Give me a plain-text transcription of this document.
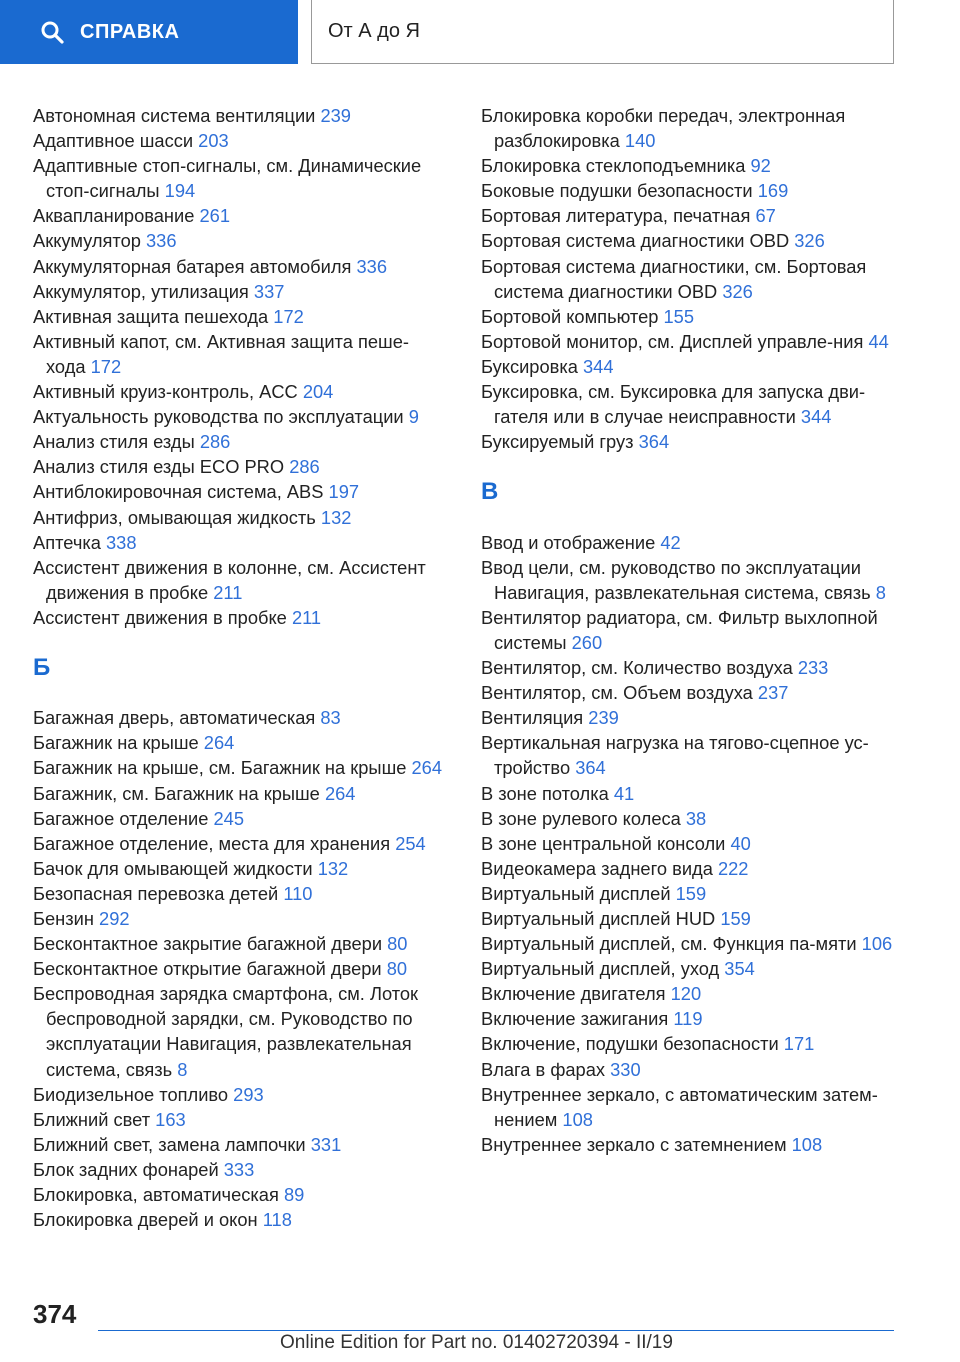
СПРАВКА	От А до Я
Автономная система вентиляции 239
Адаптивное шасси 203
Адаптивные стоп-сигналы, см. Динамические стоп-сигналы 194
Аквапланирование 261
Аккумулятор 336
Аккумуляторная батарея автомобиля 336
Аккумулятор, утилизация 337
Активная защита пешехода 172
Активный капот, см. Активная защита пеше-хода 172
Активный круиз-контроль, ACC 204
Актуальность руководства по эксплуатации 9
Анализ стиля езды 286
Анализ стиля езды ECO PRO 286
Антиблокировочная система, ABS 197
Антифриз, омывающая жидкость 132
Аптечка 338
Ассистент движения в колонне, см. Ассистент движения в пробке 211
Ассистент движения в пробке 211
Б
Багажная дверь, автоматическая 83
Багажник на крыше 264
Багажник на крыше, см. Багажник на крыше 264
Багажник, см. Багажник на крыше 264
Багажное отделение 245
Багажное отделение, места для хранения 254
Бачок для омывающей жидкости 132
Безопасная перевозка детей 110
Бензин 292
Бесконтактное закрытие багажной двери 80
Бесконтактное открытие багажной двери 80
Беспроводная зарядка смартфона, см. Лоток беспроводной зарядки, см. Руководство по эксплуатации Навигация, развлекательная система, связь 8
Биодизельное топливо 293
Ближний свет 163
Ближний свет, замена лампочки 331
Блок задних фонарей 333
Блокировка, автоматическая 89
Блокировка дверей и окон 118
Блокировка коробки передач, электронная разблокировка 140
Блокировка стеклоподъемника 92
Боковые подушки безопасности 169
Бортовая литература, печатная 67
Бортовая система диагностики OBD 326
Бортовая система диагностики, см. Бортовая система диагностики OBD 326
Бортовой компьютер 155
Бортовой монитор, см. Дисплей управле-ния 44
Буксировка 344
Буксировка, см. Буксировка для запуска дви-гателя или в случае неисправности 344
Буксируемый груз 364
В
Ввод и отображение 42
Ввод цели, см. руководство по эксплуатации Навигация, развлекательная система, связь 8
Вентилятор радиатора, см. Фильтр выхлопной системы 260
Вентилятор, см. Количество воздуха 233
Вентилятор, см. Объем воздуха 237
Вентиляция 239
Вертикальная нагрузка на тягово-сцепное ус-тройство 364
В зоне потолка 41
В зоне рулевого колеса 38
В зоне центральной консоли 40
Видеокамера заднего вида 222
Виртуальный дисплей 159
Виртуальный дисплей HUD 159
Виртуальный дисплей, см. Функция па-мяти 106
Виртуальный дисплей, уход 354
Включение двигателя 120
Включение зажигания 119
Включение, подушки безопасности 171
Влага в фарах 330
Внутреннее зеркало, с автоматическим затем-нением 108
Внутреннее зеркало с затемнением 108
374
Online Edition for Part no. 01402720394 - II/19
